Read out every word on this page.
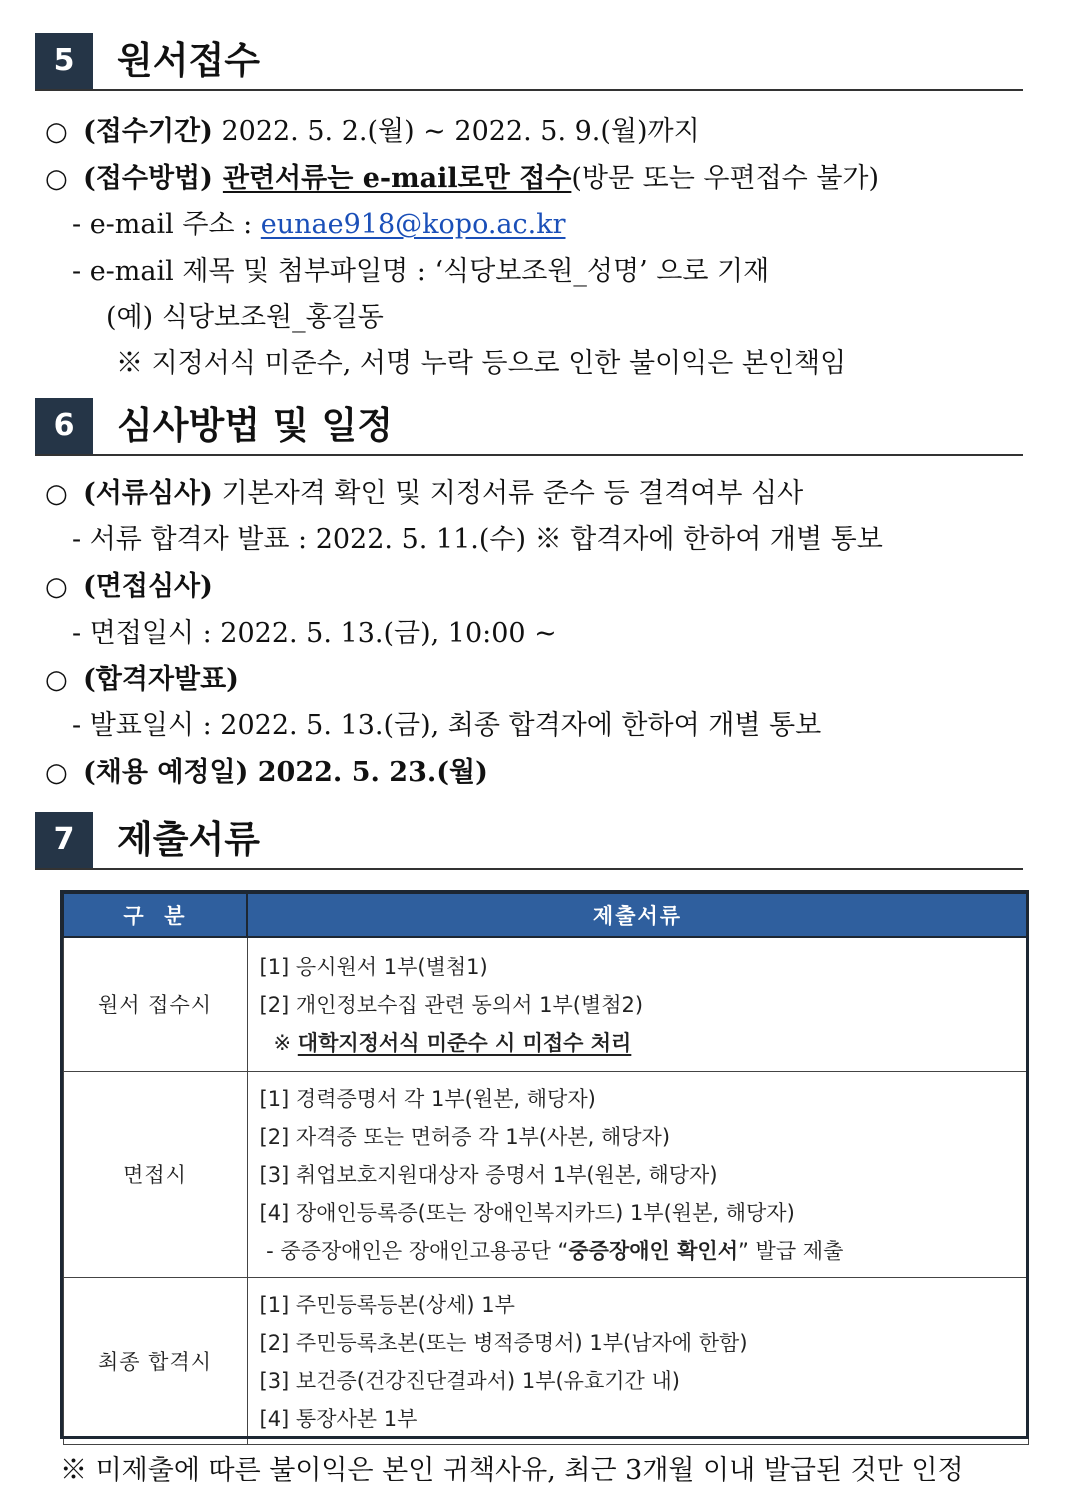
5	원서접수
○ (접수기간) 2022. 5. 2.(월) ~ 2022. 5. 9.(월)까지
○ (접수방법) 관련서류는 e-mail로만 접수(방문 또는 우편접수 불가)
- e-mail 주소 : eunae918@kopo.ac.kr
- e-mail 제목 및 첨부파일명 : ‘식당보조원_성명’ 으로 기재
(예) 식당보조원_홍길동
※ 지정서식 미준수, 서명 누락 등으로 인한 불이익은 본인책임
6	심사방법 및 일정
○ (서류심사) 기본자격 확인 및 지정서류 준수 등 결격여부 심사
- 서류 합격자 발표 : 2022. 5. 11.(수) ※ 합격자에 한하여 개별 통보
○ (면접심사)
- 면접일시 : 2022. 5. 13.(금), 10:00 ~
○ (합격자발표)
- 발표일시 : 2022. 5. 13.(금), 최종 합격자에 한하여 개별 통보
○ (채용 예정일) 2022. 5. 23.(월)
7	제출서류
구  분	제출서류
원서 접수시	[1] 응시원서 1부(별첨1)
[2] 개인정보수집 관련 동의서 1부(별첨2)
※ 대학지정서식 미준수 시 미접수 처리

면접시	[1] 경력증명서 각 1부(원본, 해당자)
[2] 자격증 또는 면허증 각 1부(사본, 해당자)
[3] 취업보호지원대상자 증명서 1부(원본, 해당자)
[4] 장애인등록증(또는 장애인복지카드) 1부(원본, 해당자)
- 중증장애인은 장애인고용공단 “중증장애인 확인서” 발급 제출

최종 합격시	[1] 주민등록등본(상세) 1부
[2] 주민등록초본(또는 병적증명서) 1부(남자에 한함)
[3] 보건증(건강진단결과서) 1부(유효기간 내)
[4] 통장사본 1부
※ 미제출에 따른 불이익은 본인 귀책사유, 최근 3개월 이내 발급된 것만 인정
